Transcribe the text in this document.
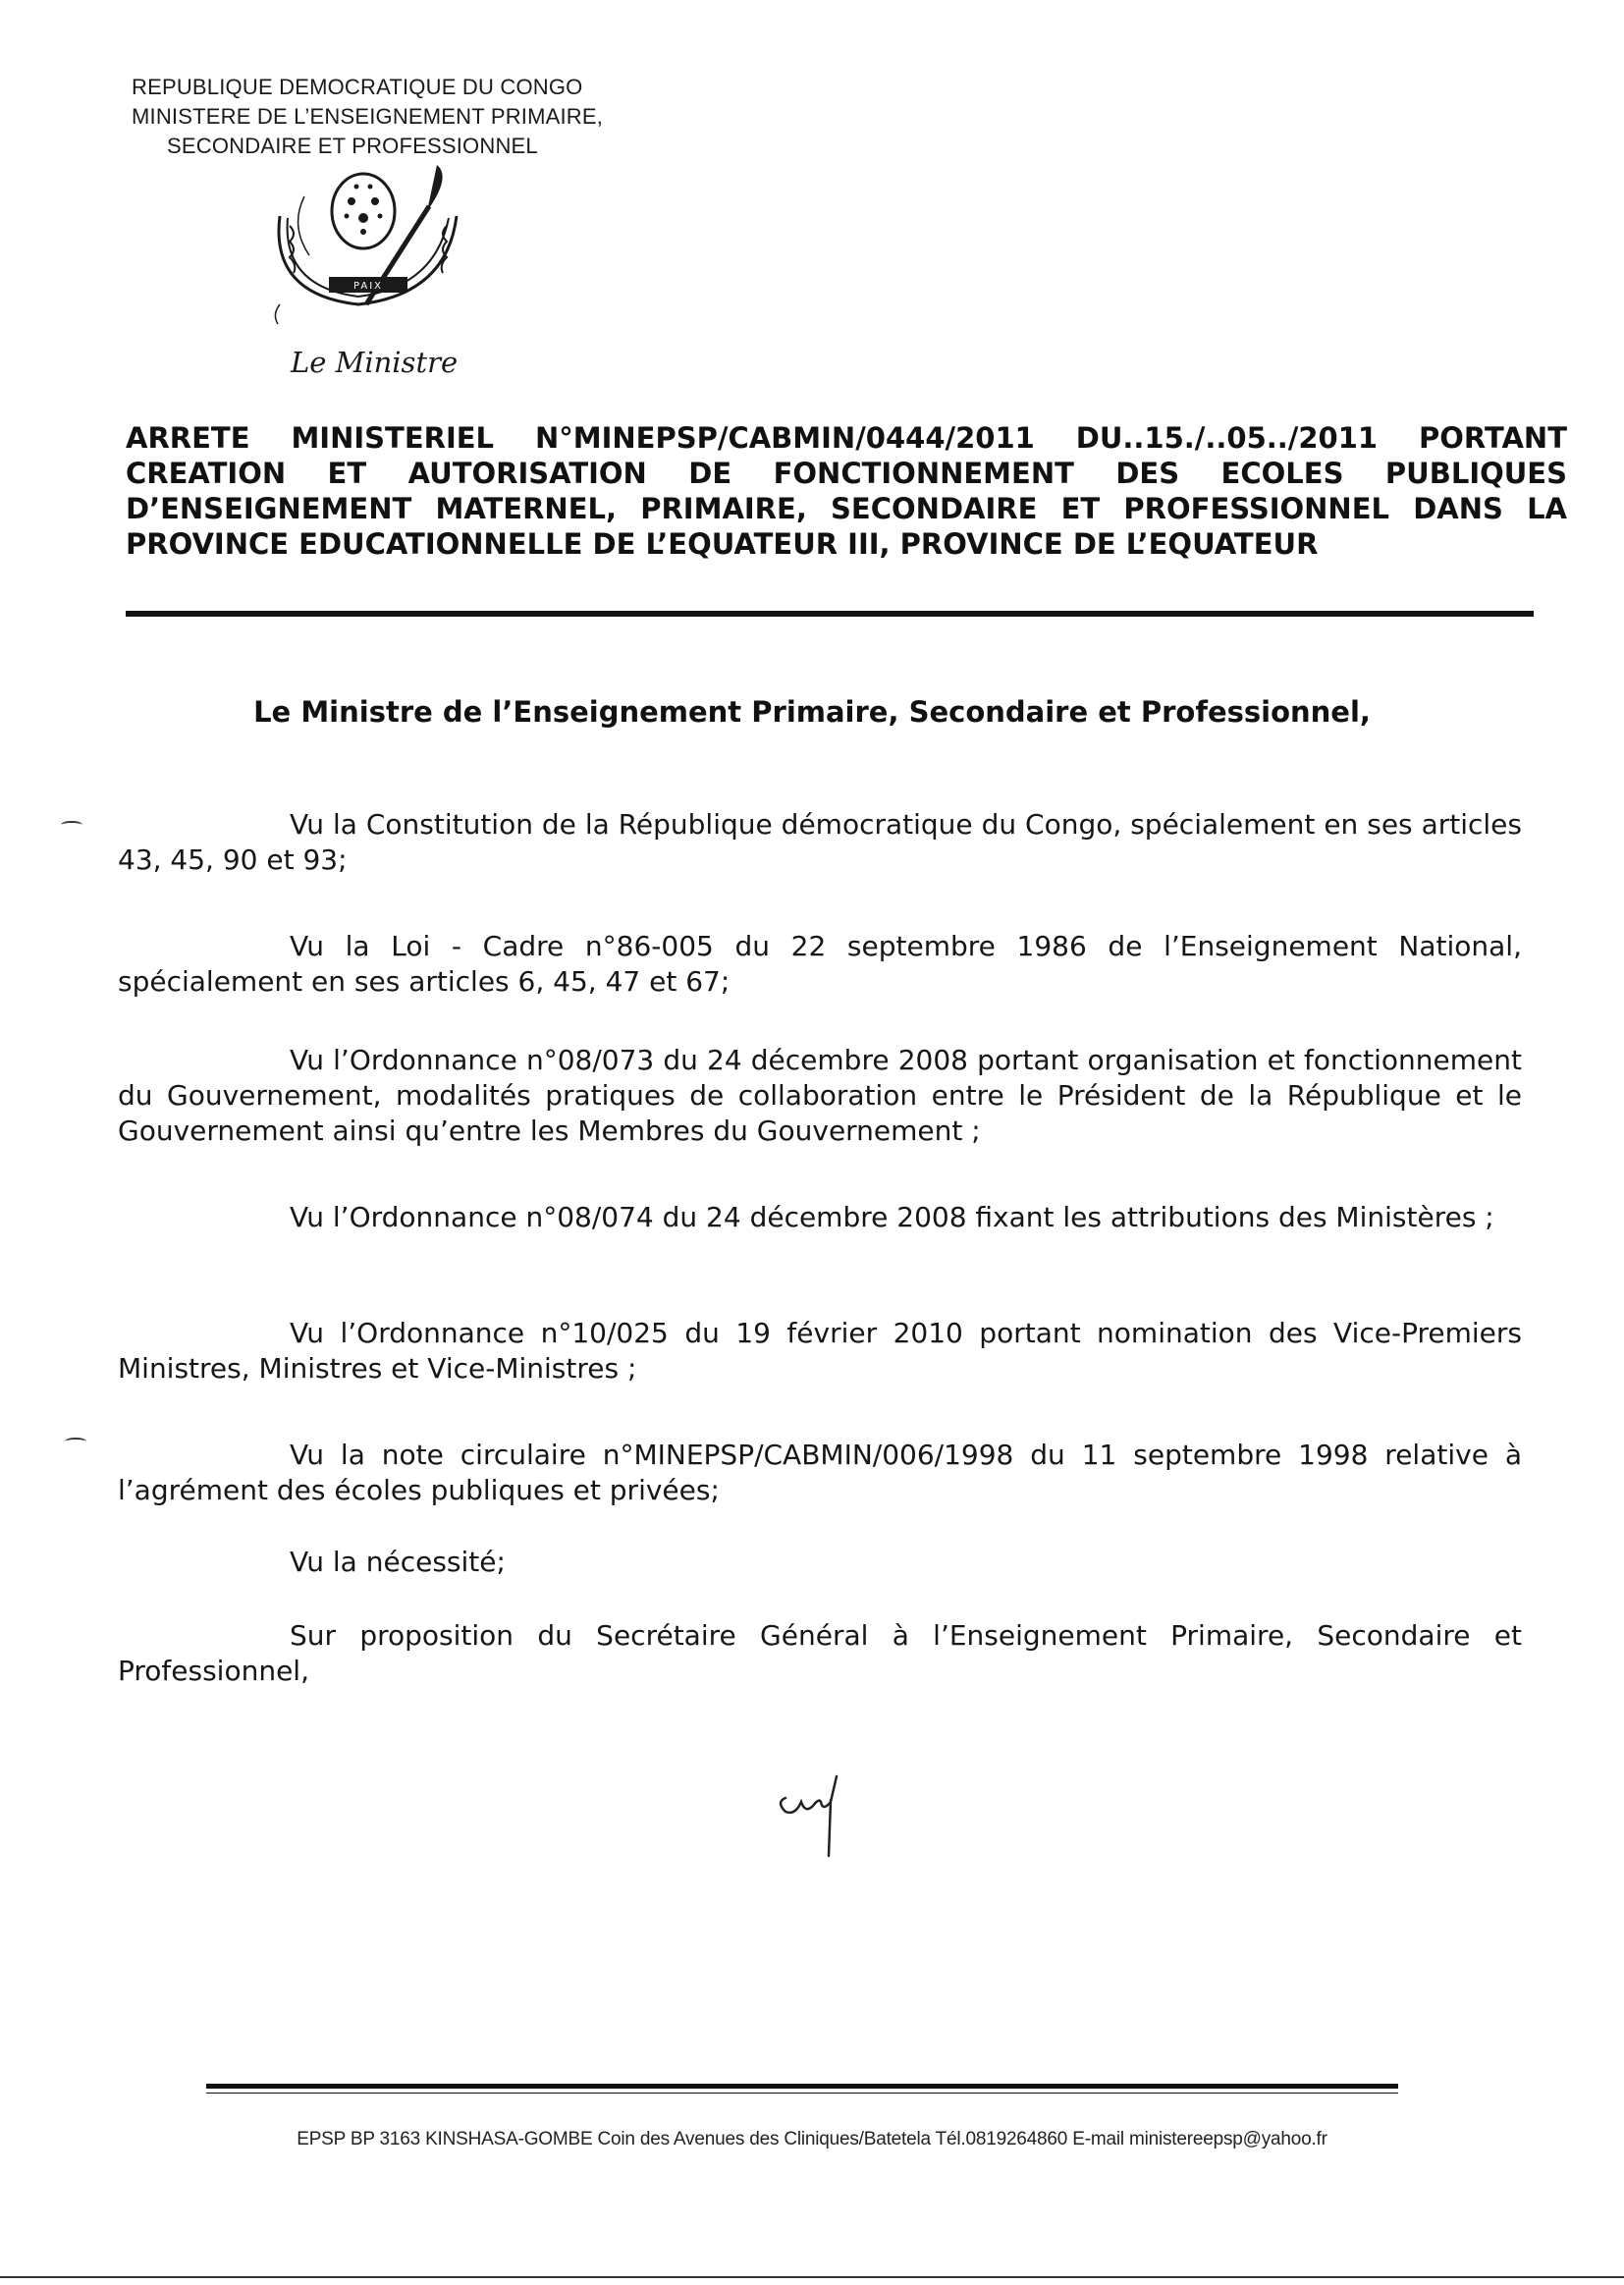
REPUBLIQUE DEMOCRATIQUE DU CONGO
MINISTERE DE L’ENSEIGNEMENT PRIMAIRE,
SECONDAIRE ET PROFESSIONNEL
PAIX
Le Ministre
ARRETE MINISTERIEL N°MINEPSP/CABMIN/0444/2011 DU..15./..05../2011 PORTANT
CREATION ET AUTORISATION DE FONCTIONNEMENT DES ECOLES PUBLIQUES
D’ENSEIGNEMENT MATERNEL, PRIMAIRE, SECONDAIRE ET PROFESSIONNEL DANS LA
PROVINCE EDUCATIONNELLE DE L’EQUATEUR III, PROVINCE DE L’EQUATEUR
Le Ministre de l’Enseignement Primaire, Secondaire et Professionnel,

Vu la Constitution de la République démocratique du Congo, spécialement en ses articles 43, 45, 90 et 93;

Vu la Loi - Cadre n°86-005 du 22 septembre 1986 de l’Enseignement National, spécialement en ses articles 6, 45, 47 et 67;

Vu l’Ordonnance n°08/073 du 24 décembre 2008 portant organisation et fonctionnement du Gouvernement, modalités pratiques de collaboration entre le Président de la République et le Gouvernement ainsi qu’entre les Membres du Gouvernement ;

Vu l’Ordonnance n°08/074 du 24 décembre 2008 fixant les attributions des Ministères ;

Vu l’Ordonnance n°10/025 du 19 février 2010 portant nomination des Vice-Premiers Ministres, Ministres et Vice-Ministres ;

Vu la note circulaire n°MINEPSP/CABMIN/006/1998 du 11 septembre 1998 relative à l’agrément des écoles publiques et privées;

Vu la nécessité;

Sur proposition du Secrétaire Général à l’Enseignement Primaire, Secondaire et Professionnel,

EPSP BP 3163 KINSHASA-GOMBE Coin des Avenues des Cliniques/Batetela Tél.0819264860 E-mail ministereepsp@yahoo.fr
